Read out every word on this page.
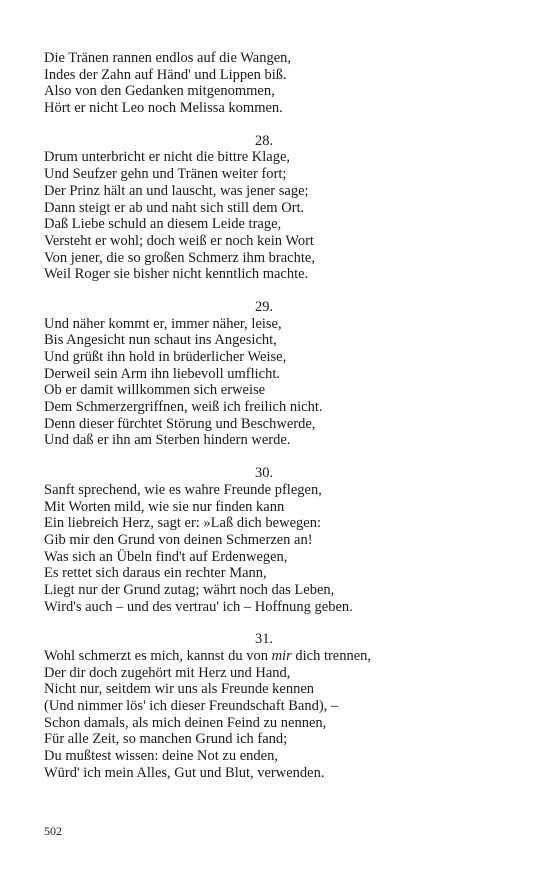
Die Tränen rannen endlos auf die Wangen,
Indes der Zahn auf Händ' und Lippen biß.
Also von den Gedanken mitgenommen,
Hört er nicht Leo noch Melissa kommen.
28.
Drum unterbricht er nicht die bittre Klage,
Und Seufzer gehn und Tränen weiter fort;
Der Prinz hält an und lauscht, was jener sage;
Dann steigt er ab und naht sich still dem Ort.
Daß Liebe schuld an diesem Leide trage,
Versteht er wohl; doch weiß er noch kein Wort
Von jener, die so großen Schmerz ihm brachte,
Weil Roger sie bisher nicht kenntlich machte.
29.
Und näher kommt er, immer näher, leise,
Bis Angesicht nun schaut ins Angesicht,
Und grüßt ihn hold in brüderlicher Weise,
Derweil sein Arm ihn liebevoll umflicht.
Ob er damit willkommen sich erweise
Dem Schmerzergriffnen, weiß ich freilich nicht.
Denn dieser fürchtet Störung und Beschwerde,
Und daß er ihn am Sterben hindern werde.
30.
Sanft sprechend, wie es wahre Freunde pflegen,
Mit Worten mild, wie sie nur finden kann
Ein liebreich Herz, sagt er: »Laß dich bewegen:
Gib mir den Grund von deinen Schmerzen an!
Was sich an Übeln find't auf Erdenwegen,
Es rettet sich daraus ein rechter Mann,
Liegt nur der Grund zutag; währt noch das Leben,
Wird's auch – und des vertrau' ich – Hoffnung geben.
31.
Wohl schmerzt es mich, kannst du von mir dich trennen,
Der dir doch zugehört mit Herz und Hand,
Nicht nur, seitdem wir uns als Freunde kennen
(Und nimmer lös' ich dieser Freundschaft Band), –
Schon damals, als mich deinen Feind zu nennen,
Für alle Zeit, so manchen Grund ich fand;
Du mußtest wissen: deine Not zu enden,
Würd' ich mein Alles, Gut und Blut, verwenden.
502
